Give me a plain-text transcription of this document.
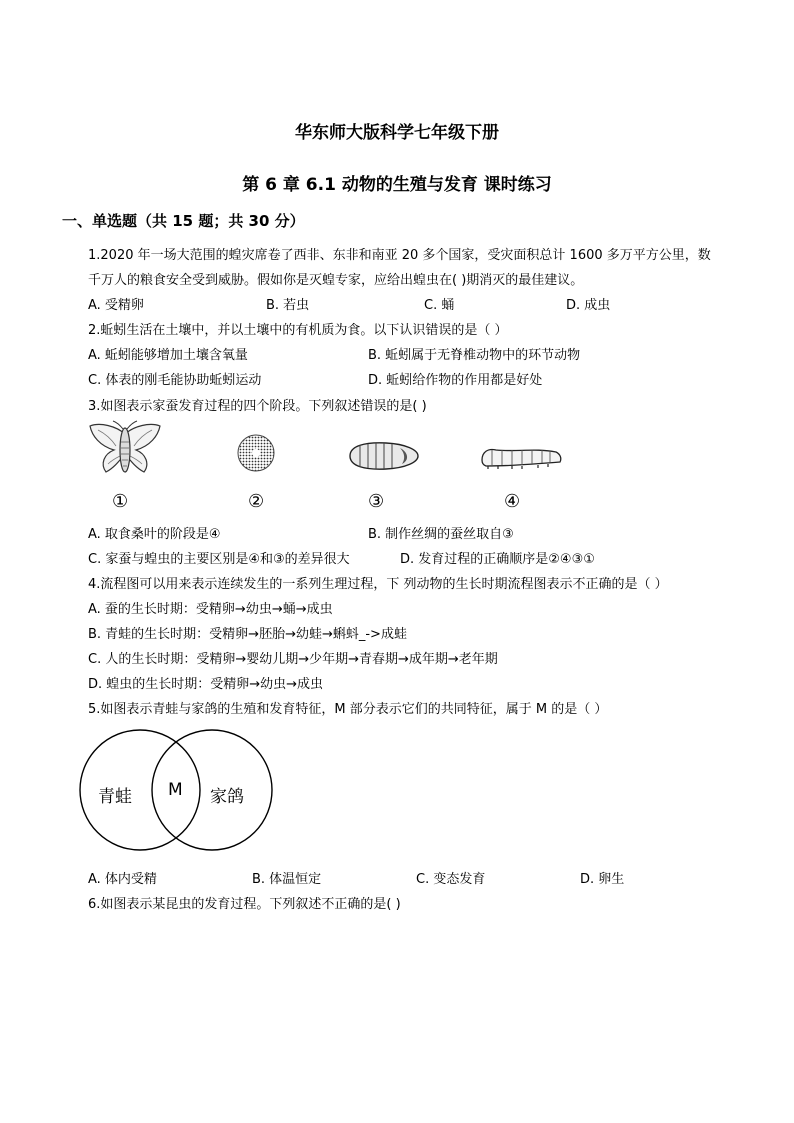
华东师大版科学七年级下册
第 6 章 6.1 动物的生殖与发育 课时练习
一、单选题（共 15 题；共 30 分）
1.2020 年一场大范围的蝗灾席卷了西非、东非和南亚 20 多个国家，受灾面积总计 1600 多万平方公里，数
千万人的粮食安全受到威胁。假如你是灭蝗专家，应给出蝗虫在( )期消灭的最佳建议。
A. 受精卵	B. 若虫	C. 蛹	D. 成虫
2.蚯蚓生活在土壤中，并以土壤中的有机质为食。以下认识错误的是（ ）
A. 蚯蚓能够增加土壤含氧量	B. 蚯蚓属于无脊椎动物中的环节动物
C. 体表的刚毛能协助蚯蚓运动	D. 蚯蚓给作物的作用都是好处
3.如图表示家蚕发育过程的四个阶段。下列叙述错误的是( )
①	②	③	④
A. 取食桑叶的阶段是④	B. 制作丝绸的蚕丝取自③
C. 家蚕与蝗虫的主要区别是④和③的差异很大	D. 发育过程的正确顺序是②④③①
4.流程图可以用来表示连续发生的一系列生理过程，下 列动物的生长时期流程图表示不正确的是（ ）
A. 蚕的生长时期：受精卵→幼虫→蛹→成虫
B. 青蛙的生长时期：受精卵→胚胎→幼蛙→蝌蚪_->成蛙
C. 人的生长时期：受精卵→婴幼儿期→少年期→青春期→成年期→老年期
D. 蝗虫的生长时期：受精卵→幼虫→成虫
5.如图表示青蛙与家鸽的生殖和发育特征，M 部分表示它们的共同特征，属于 M 的是（ ）
青蛙 M 家鸽
A. 体内受精	B. 体温恒定	C. 变态发育	D. 卵生
6.如图表示某昆虫的发育过程。下列叙述不正确的是( )
